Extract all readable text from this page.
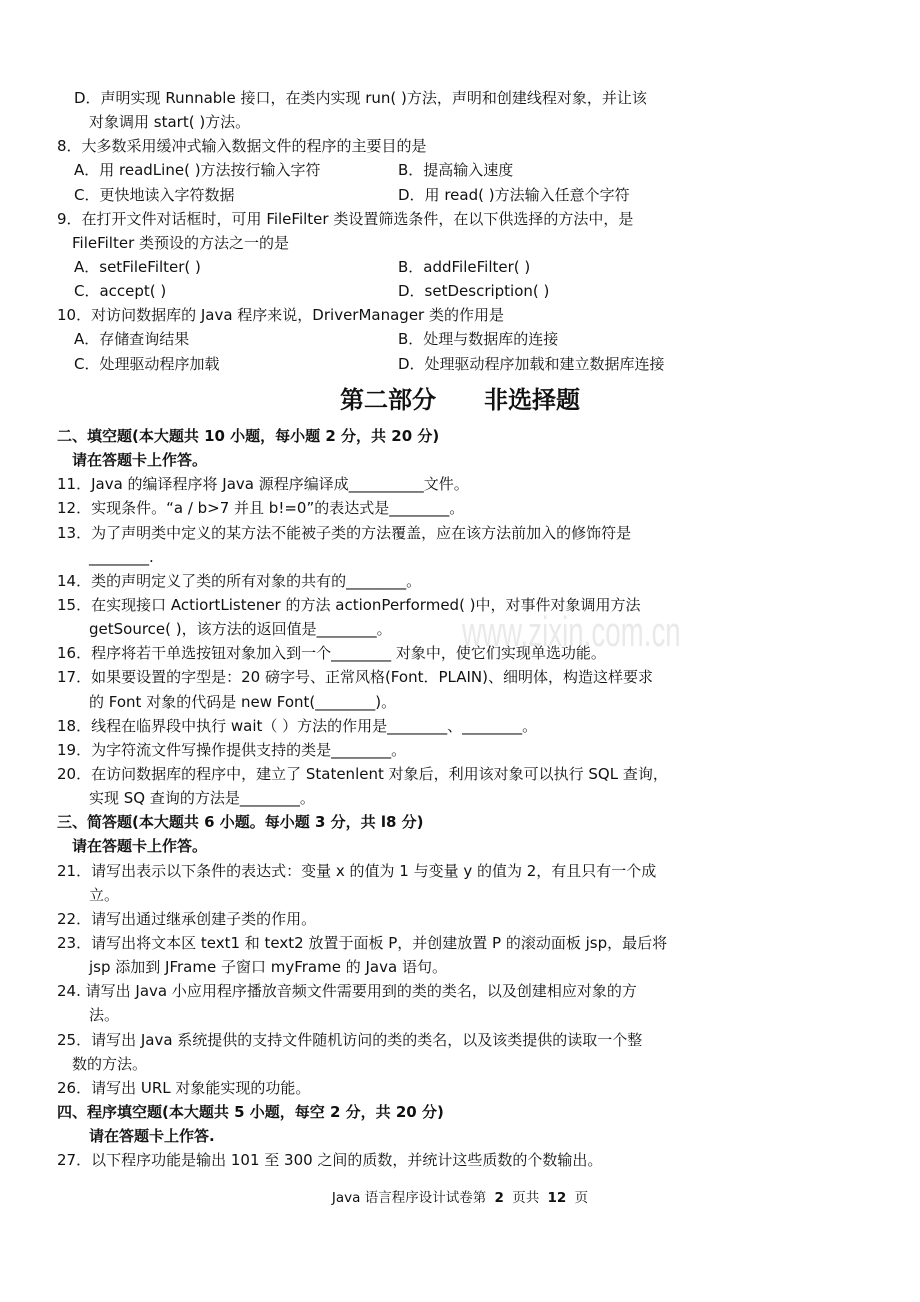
www.zixin.com.cn
D．声明实现 Runnable 接口，在类内实现 run( )方法，声明和创建线程对象，并让该
对象调用 start( )方法。
8．大多数采用缓冲式输入数据文件的程序的主要目的是
A．用 readLine( )方法按行输入字符	B．提高输入速度
C．更快地读入字符数据	D．用 read( )方法输入任意个字符
9．在打开文件对话框时，可用 FileFilter 类设置筛选条件，在以下供选择的方法中，是
FileFilter 类预设的方法之一的是
A．setFileFilter( )	B．addFileFilter( )
C．accept( )	D．setDescription( )
10．对访问数据库的 Java 程序来说，DriverManager 类的作用是
A．存储查询结果	B．处理与数据库的连接
C．处理驱动程序加载	D．处理驱动程序加载和建立数据库连接
第二部分　　非选择题
二、填空题(本大题共 10 小题，每小题 2 分，共 20 分)
请在答题卡上作答。
11．Java 的编译程序将 Java 源程序编译成__________文件。
12．实现条件。“a / b>7 并且 b!=0”的表达式是________。
13．为了声明类中定义的某方法不能被子类的方法覆盖，应在该方法前加入的修饰符是
________.
14．类的声明定义了类的所有对象的共有的________。
15．在实现接口 ActiortListener 的方法 actionPerformed( )中，对事件对象调用方法
getSource( )，该方法的返回值是________。
16．程序将若干单选按钮对象加入到一个________ 对象中，使它们实现单选功能。
17．如果要设置的字型是：20 磅字号、正常风格(Font．PLAIN)、细明体，构造这样要求
的 Font 对象的代码是 new Font(________)。
18．线程在临界段中执行 wait（ ）方法的作用是________、________。
19．为字符流文件写操作提供支持的类是________。
20．在访问数据库的程序中，建立了 Statenlent 对象后，利用该对象可以执行 SQL 查询，
实现 SQ 查询的方法是________。
三、简答题(本大题共 6 小题。每小题 3 分，共 l8 分)
请在答题卡上作答。
21．请写出表示以下条件的表达式：变量 x 的值为 1 与变量 y 的值为 2，有且只有一个成
立。
22．请写出通过继承创建子类的作用。
23．请写出将文本区 text1 和 text2 放置于面板 P，并创建放置 P 的滚动面板 jsp，最后将
jsp 添加到 JFrame 子窗口 myFrame 的 Java 语句。
24. 请写出 Java 小应用程序播放音频文件需要用到的类的类名，以及创建相应对象的方
法。
25．请写出 Java 系统提供的支持文件随机访问的类的类名，以及该类提供的读取一个整
数的方法。
26．请写出 URL 对象能实现的功能。
四、程序填空题(本大题共 5 小题，每空 2 分，共 20 分)
请在答题卡上作答.
27．以下程序功能是输出 101 至 300 之间的质数，并统计这些质数的个数输出。
Java 语言程序设计试卷第 2 页共 12 页
